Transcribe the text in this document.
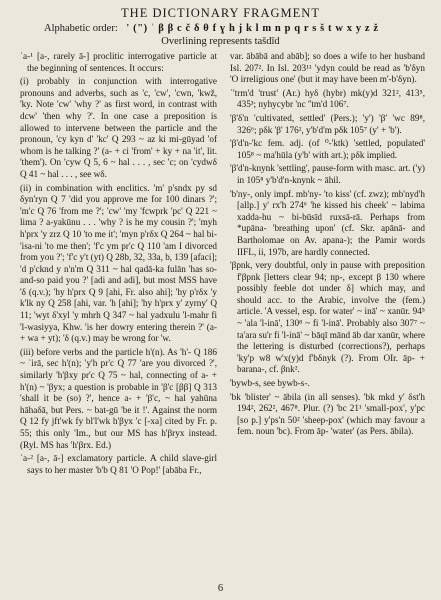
THE DICTIONARY FRAGMENT
Alphabetic order: ' (") ʿ β β c č δ θ f ɣ h j k l m n p q r s š t w x y z ž
Overlining represents tašdīd

ʾa-¹ [a-, rarely ā-] proclitic interrogative particle at the beginning of sentences. It occurs:

(i) probably in conjunction with interrogative pronouns and adverbs, such as 'c, 'cw', 'cwn, 'kwž, 'ky. Note 'cw' 'why ?' as first word, in contrast with dcw' 'then why ?'. In one case a preposition is allowed to intervene between the particle and the pronoun, 'cy kyn d' 'kc' Q 293 ~ az ki mi-gūyad 'of whom is he talking ?' (a- + ci 'from' + ky + na 'it', lit. 'them'). On 'cyw Q 5, 6 ~ hal . . . , sec 'c; on 'cydwδ Q 41 ~ hal . . . , see wδ.

(ii) in combination with enclitics. 'm' p'sndx py sd δyn'ryn Q 7 'did you approve me for 100 dinars ?'; 'm'c Q 76 'from me ?'; 'cw' 'my 'fcwprk 'pc' Q 221 ~ lima ? a-yakūnu . . . 'why ? is he my cousin ?'; 'myh h'prx 'y zrz Q 10 'to me it'; 'myn p'rδx Q 264 ~ hal bi-'isa-ni 'to me then'; 'f'c ym pr'c Q 110 'am I divorced from you ?'; 'f'c y't (yt) Q 28b, 32, 33a, b, 139 [afaci]; 'd p'cknd y n'n'm Q 311 ~ hal qadā-ka fulān 'has so-and-so paid you ?' [adi and adi], but most MSS have 'δ (q.v.); 'hy h'prx Q 9 [ahi, Fr. also ahi]; 'hy p'rδx 'y k'lk ny Q 258 [ahi, var. 'h [ahi]; 'hy h'prx y' zyrny' Q 11; 'wyt δ'xyl 'y mhrh Q 347 ~ hal yadxulu 'l-mahr fi 'l-wasiyya, Khw. 'is her dowry entering therein ?' (a- + wa + yt); 'δ (q.v.) may be wrong for 'w.

(iii) before verbs and the particle h'(n). As 'h'- Q 186 ~ ʿirā, sec h'(n); 'y'h pr'c Q 77 'are you divorced ?', similarly 'h'βxy pr'c Q 75 ~ hal, connecting of a- + h'(n) ~ 'βyx; a question is probable in 'β'c [ββ] Q 313 'shall it be (so) ?', hence a- + 'β'c, ~ hal yahūna hāhaδā, but Pers. ~ bat-gū 'be it !'. Against the norm Q 12 fy jft'wk fy bl'l'wk h'βyx 'c [-xa] cited by Fr. p. 55; this only 'Im., but our MS has h'βryx instead. (Ryl. MS has 'h'βrx. Ed.)

ʾa-² [a-, ā-] exclamatory particle. A child slave-girl says to her master 'b'b Q 81 'O Pop!' [abāba Fr.,

var. ābābā and abāb]; so does a wife to her husband Isl. 207². In Isl. 203¹¹ 'ydyn could be read as 'b'δyn 'O irreligious one' (but it may have been m'-b'δyn).

ʾ'trm'd 'trust' (Ar.) hyδ (hybr) mk(y)d 321², 413⁵, 435³; nyhycybr 'nc ''tm'd 106⁷.

'β'δ'n 'cultivated, settled' (Pers.); 'y') 'β' 'wc 89⁸, 326⁶; pδk 'β' 176², y'b'd'm pδk 105⁷ (y' + 'b').

'β'd'n-'kc fem. adj. (of ⁰-'ktk) 'settled, populated' 105⁸ ~ ma'hūla (y'b' with art.); pδk implied.

'β'd'n-knynk 'settling', pause-form with masc. art. ('y) in 105⁸ y'b'd'n-knynk ~ āhil.

'b'ny-, only impf. mb'ny- 'to kiss' (cf. zwz); mb'nyd'h [allp.] y' rx'h 274⁶ 'he kissed his cheek' ~ labima xadda-hu ~ bi-būsīd ruxsā-rā. Perhaps from *upāna- 'breathing upon' (cf. Skr. apānā- and Bartholomae on Av. apana-); the Pamir words IIFL, ii, 197b, are hardly connected.

'βpnk, very doubtful, only in pause with preposition f'βpnk [letters clear 94; np-, except β 130 where possibly feeble dot under δ] which may, and should acc. to the Arabic, involve the (fem.) article. 'A vessel, esp. for water' ~ inā' ~ xanūr. 94⁵ ~ 'ala 'l-inā', 130⁸ ~ fi 'l-inā'. Probably also 307⁷ ~ ta'ara su'r fi 'l-inā' ~ bāqī mānd āb dar xanūr, where the lettering is disturbed (corrections?), perhaps 'ky'p w8 w'x(y)d f'bδnyk (?). From OIr. āp- + barana-, cf. βnk².

'bywb-s, see bywb-s-.

'bk 'blister' ~ ābila (in all senses). 'bk mkd y' δst'h 194², 262², 467⁸. Plur. (?) 'bc 21¹ 'small-pox', y'pc [so p.] y'ps'n 50² 'sheep-pox' (which may favour a fem. noun 'bc). From āp- 'water' (as Pers. ābila).

6
